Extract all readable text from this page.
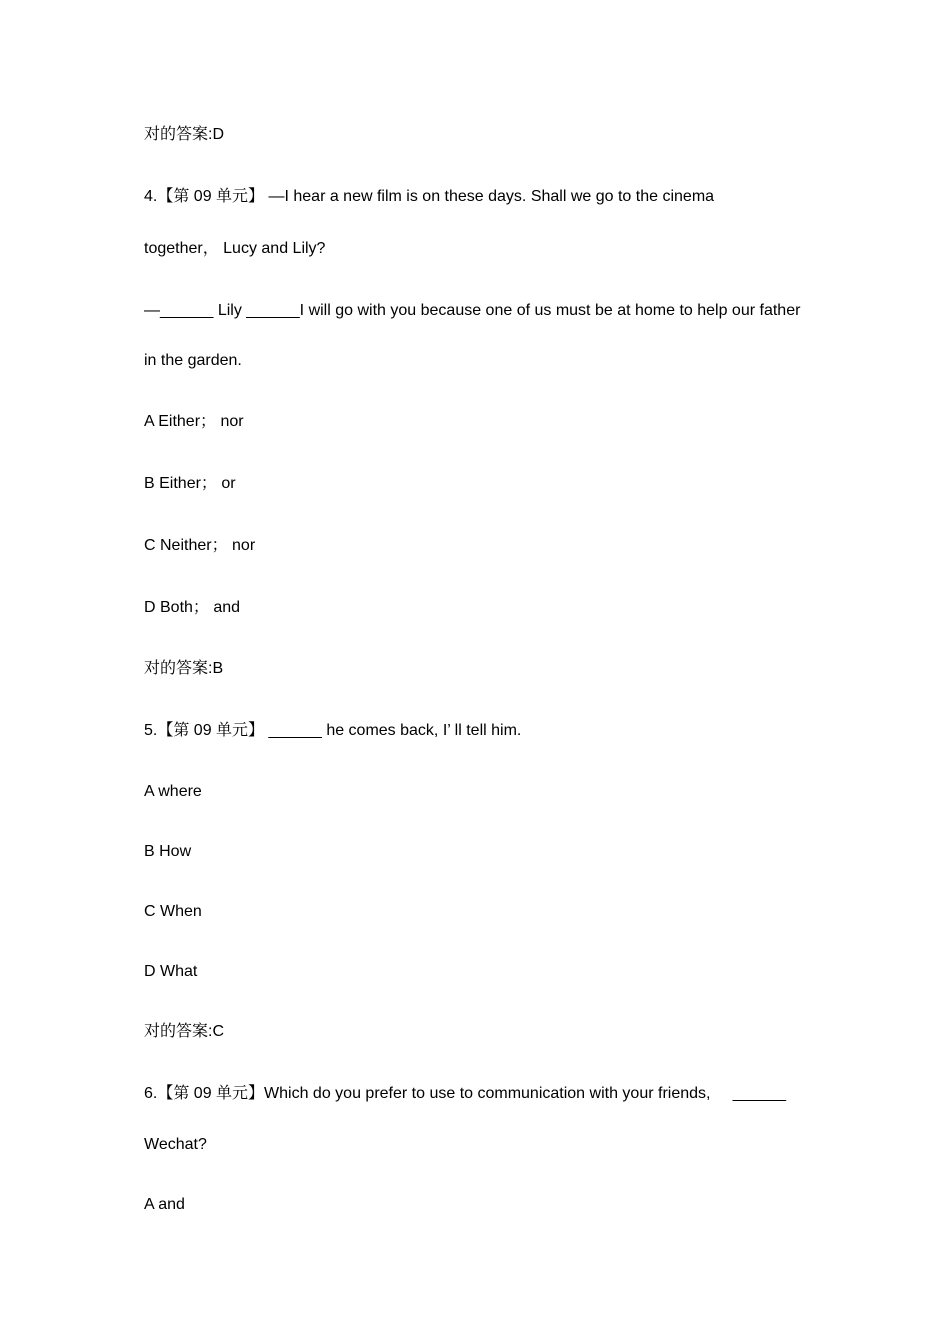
对的答案:D

4.【第 09 单元】 —I hear a new film is on these days. Shall we go to the cinema

together， Lucy and Lily?

—______ Lily ______I will go with you because one of us must be at home to help our father

in the garden.

A Either； nor

B Either； or

C Neither； nor

D Both； and

对的答案:B

5.【第 09 单元】 ______ he comes back, I’ ll tell him.

A where

B How

C When

D What

对的答案:C

6.【第 09 单元】Which do you prefer to use to communication with your friends,     ______

Wechat?

A and
